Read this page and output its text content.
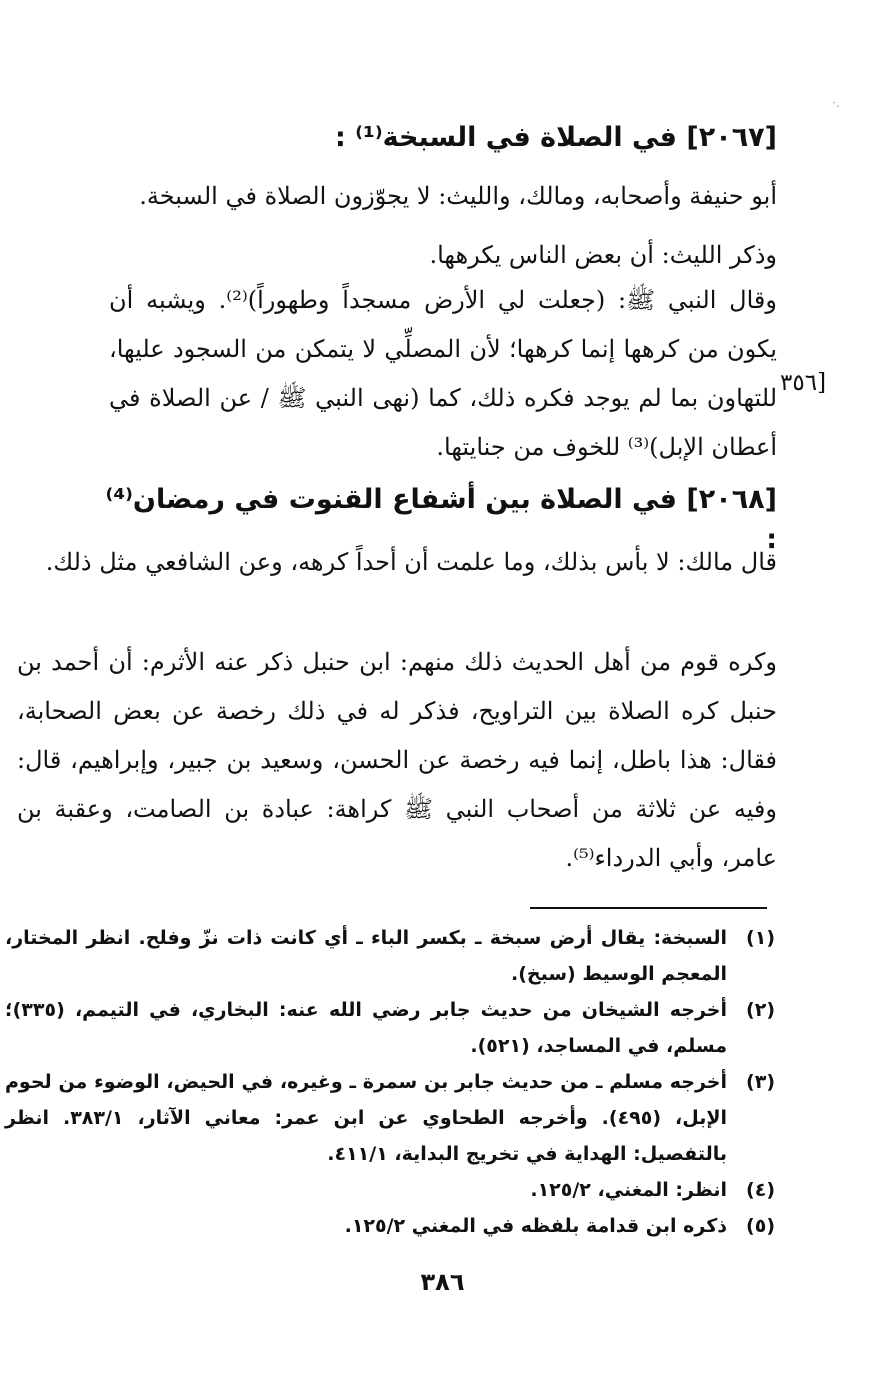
·.
[٢٠٦٧] في الصلاة في السبخة⁽¹⁾ :
أبو حنيفة وأصحابه، ومالك، والليث: لا يجوّزون الصلاة في السبخة.
وذكر الليث: أن بعض الناس يكرهها.
وقال النبي ﷺ: (جعلت لي الأرض مسجداً وطهوراً)⁽²⁾. ويشبه أن يكون من كرهها إنما كرهها؛ لأن المصلِّي لا يتمكن من السجود عليها، للتهاون بما لم يوجد فكره ذلك، كما (نهى النبي ﷺ / عن الصلاة في أعطان الإبل)⁽³⁾ للخوف من جنايتها.
[٣٥٦
[٢٠٦٨] في الصلاة بين أشفاع القنوت في رمضان⁽⁴⁾ :
قال مالك: لا بأس بذلك، وما علمت أن أحداً كرهه، وعن الشافعي مثل ذلك.
وكره قوم من أهل الحديث ذلك منهم: ابن حنبل ذكر عنه الأثرم: أن أحمد بن حنبل كره الصلاة بين التراويح، فذكر له في ذلك رخصة عن بعض الصحابة، فقال: هذا باطل، إنما فيه رخصة عن الحسن، وسعيد بن جبير، وإبراهيم، قال: وفيه عن ثلاثة من أصحاب النبي ﷺ كراهة: عبادة بن الصامت، وعقبة بن عامر، وأبي الدرداء⁽⁵⁾.
(١)
السبخة: يقال أرض سبخة ـ بكسر الباء ـ أي كانت ذات نزّ وفلح. انظر المختار، المعجم الوسيط (سبخ).
(٢)
أخرجه الشيخان من حديث جابر رضي الله عنه: البخاري، في التيمم، (٣٣٥)؛ مسلم، في المساجد، (٥٢١).
(٣)
أخرجه مسلم ـ من حديث جابر بن سمرة ـ وغيره، في الحيض، الوضوء من لحوم الإبل، (٤٩٥). وأخرجه الطحاوي عن ابن عمر: معاني الآثار، ٣٨٣/١. انظر بالتفصيل: الهداية في تخريج البداية، ٤١١/١.
(٤)
انظر: المغني، ١٢٥/٢.
(٥)
ذكره ابن قدامة بلفظه في المغني ١٢٥/٢.
٣٨٦
